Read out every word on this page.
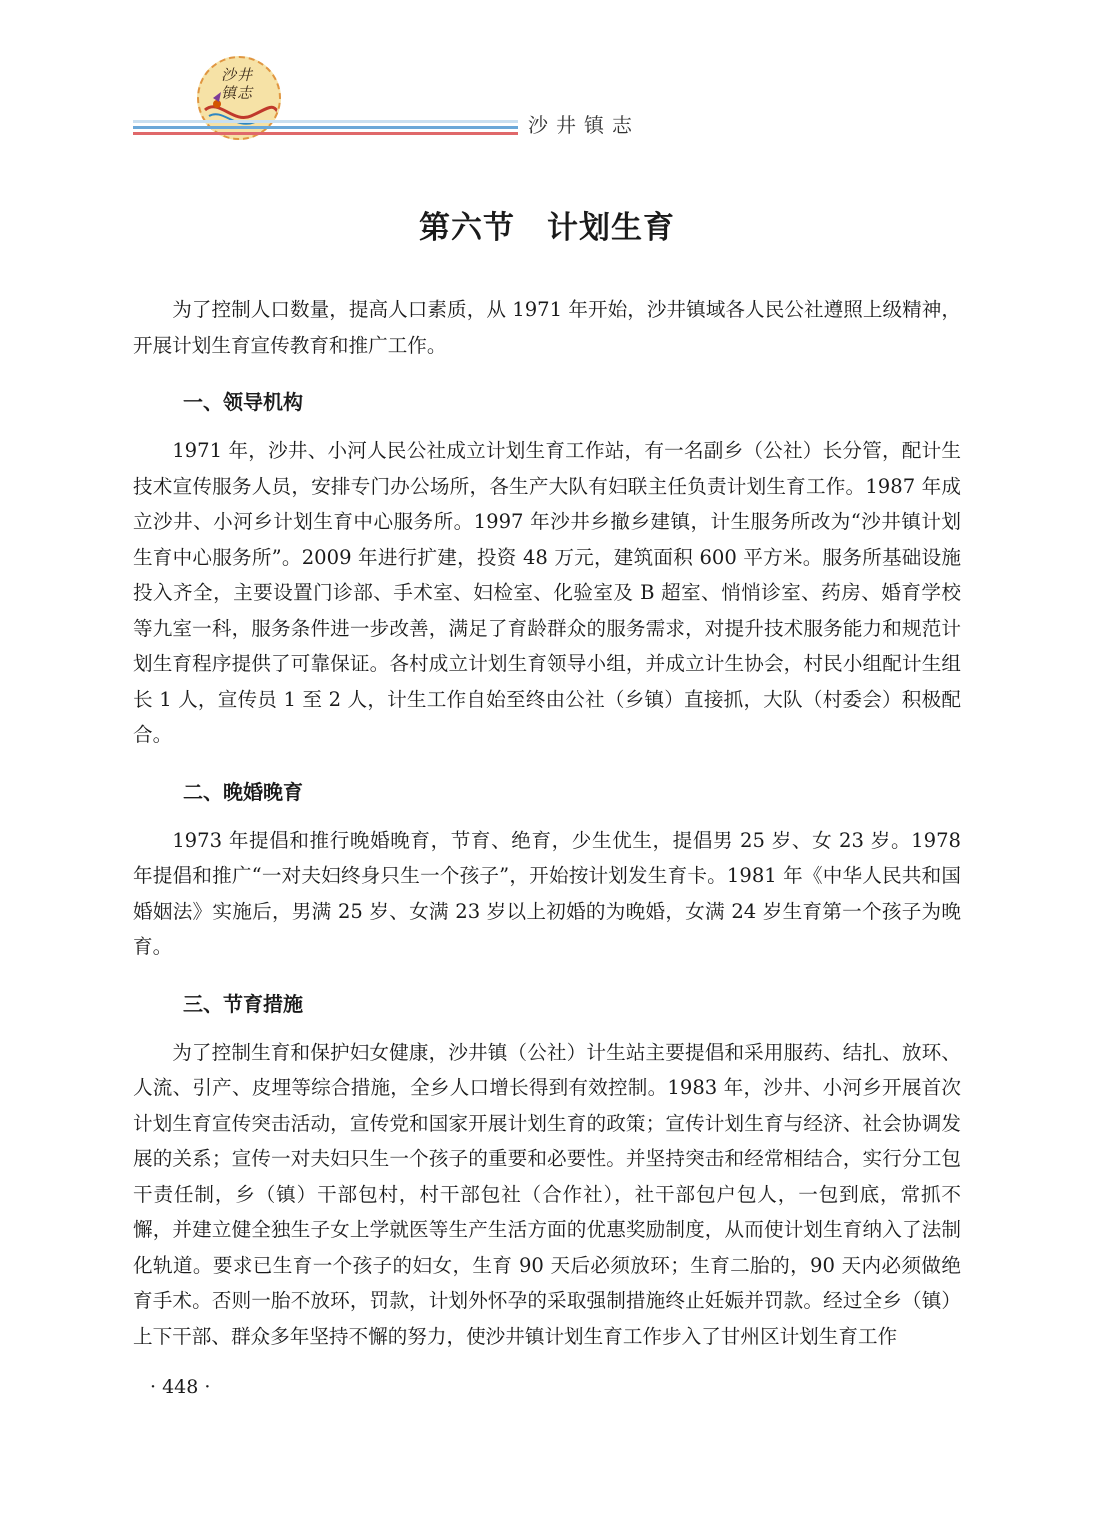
沙井
镇志
沙井镇志
第六节　计划生育

为了控制人口数量，提高人口素质，从 1971 年开始，沙井镇域各人民公社遵照上级精神，开展计划生育宣传教育和推广工作。

一、领导机构

1971 年，沙井、小河人民公社成立计划生育工作站，有一名副乡（公社）长分管，配计生技术宣传服务人员，安排专门办公场所，各生产大队有妇联主任负责计划生育工作。1987 年成立沙井、小河乡计划生育中心服务所。1997 年沙井乡撤乡建镇，计生服务所改为“沙井镇计划生育中心服务所”。2009 年进行扩建，投资 48 万元，建筑面积 600 平方米。服务所基础设施投入齐全，主要设置门诊部、手术室、妇检室、化验室及 B 超室、悄悄诊室、药房、婚育学校等九室一科，服务条件进一步改善，满足了育龄群众的服务需求，对提升技术服务能力和规范计划生育程序提供了可靠保证。各村成立计划生育领导小组，并成立计生协会，村民小组配计生组长 1 人，宣传员 1 至 2 人，计生工作自始至终由公社（乡镇）直接抓，大队（村委会）积极配合。

二、晚婚晚育

1973 年提倡和推行晚婚晚育，节育、绝育，少生优生，提倡男 25 岁、女 23 岁。1978 年提倡和推广“一对夫妇终身只生一个孩子”，开始按计划发生育卡。1981 年《中华人民共和国婚姻法》实施后，男满 25 岁、女满 23 岁以上初婚的为晚婚，女满 24 岁生育第一个孩子为晚育。

三、节育措施

为了控制生育和保护妇女健康，沙井镇（公社）计生站主要提倡和采用服药、结扎、放环、人流、引产、皮埋等综合措施，全乡人口增长得到有效控制。1983 年，沙井、小河乡开展首次计划生育宣传突击活动，宣传党和国家开展计划生育的政策；宣传计划生育与经济、社会协调发展的关系；宣传一对夫妇只生一个孩子的重要和必要性。并坚持突击和经常相结合，实行分工包干责任制，乡（镇）干部包村，村干部包社（合作社），社干部包户包人，一包到底，常抓不懈，并建立健全独生子女上学就医等生产生活方面的优惠奖励制度，从而使计划生育纳入了法制化轨道。要求已生育一个孩子的妇女，生育 90 天后必须放环；生育二胎的，90 天内必须做绝育手术。否则一胎不放环，罚款，计划外怀孕的采取强制措施终止妊娠并罚款。经过全乡（镇）上下干部、群众多年坚持不懈的努力，使沙井镇计划生育工作步入了甘州区计划生育工作

· 448 ·
